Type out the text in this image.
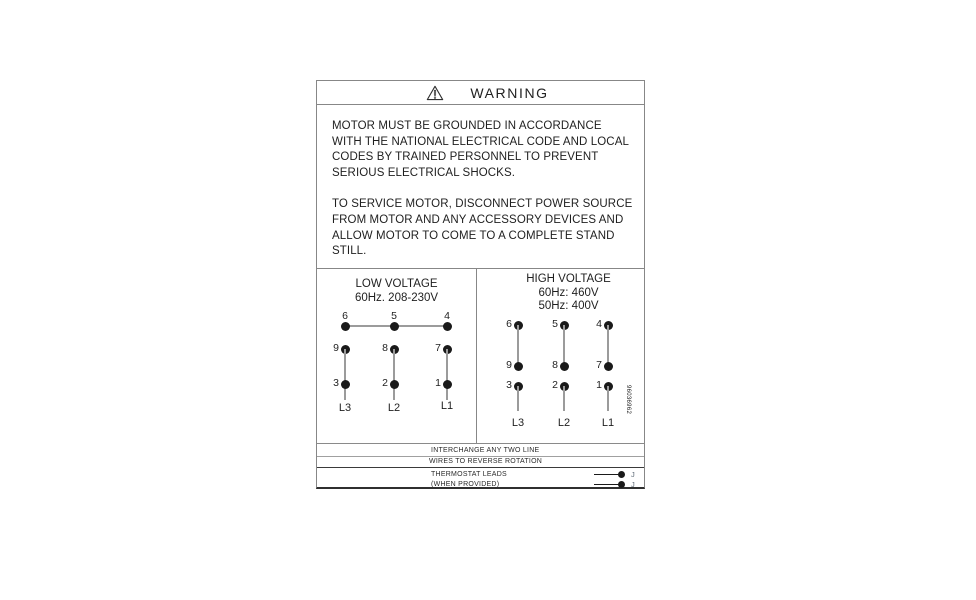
WARNING

MOTOR MUST BE GROUNDED IN ACCORDANCE WITH THE NATIONAL ELECTRICAL CODE AND LOCAL CODES BY TRAINED PERSONNEL TO PREVENT SERIOUS ELECTRICAL SHOCKS.

TO SERVICE MOTOR, DISCONNECT POWER SOURCE FROM MOTOR AND ANY ACCESSORY DEVICES AND ALLOW MOTOR TO COME TO A COMPLETE STAND STILL.

LOW VOLTAGE
60Hz. 208-230V
6
9
3
L3
5
8
2
L2
4
7
1
L1
HIGH VOLTAGE
60Hz: 460V
50Hz: 400V
6
9
3
L3
5
8
2
L2
4
7
1
L1
96036962
INTERCHANGE ANY TWO LINE
WIRES TO REVERSE ROTATION
THERMOSTAT LEADS
(WHEN PROVIDED)
J
J
